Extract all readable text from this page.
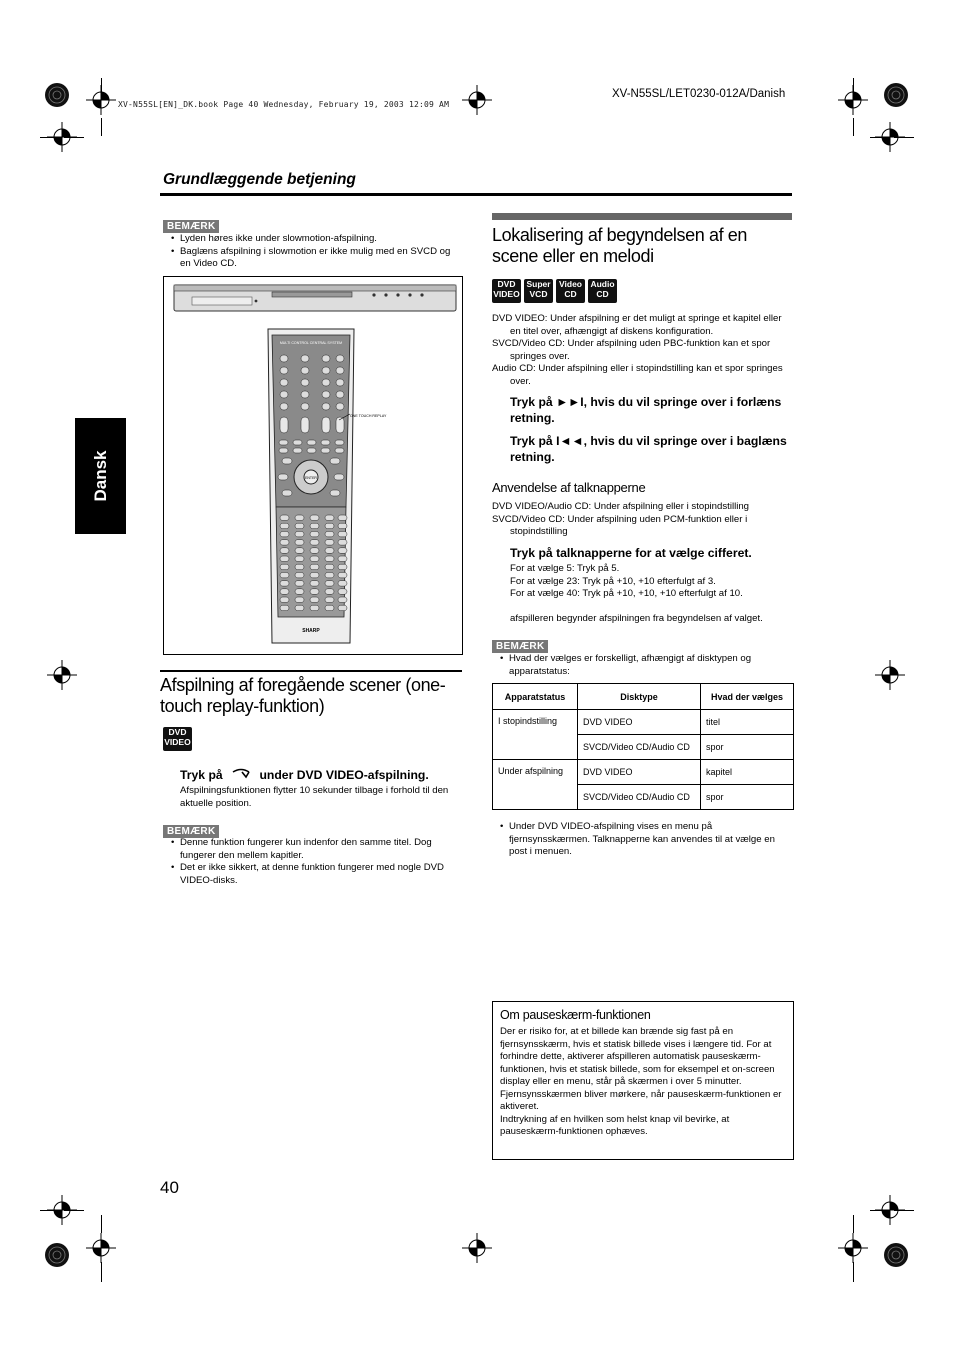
XV-N55SL[EN]_DK.book Page 40 Wednesday, February 19, 2003 12:09 AM
XV-N55SL/LET0230-012A/Danish
Grundlæggende betjening
Dansk
BEMÆRK
• Lyden høres ikke under slowmotion-afspilning.
• Baglæns afspilning i slowmotion er ikke mulig med en SVCD og en Video CD.
MULTI CONTROL CENTRAL SYSTEM
ENTER
SHARP
ONE TOUCH REPLAY
Afspilning af foregående scener (one-touch replay-funktion)
DVD
VIDEO
Tryk på	under DVD VIDEO-afspilning.
Afspilningsfunktionen flytter 10 sekunder tilbage i forhold til den aktuelle position.
BEMÆRK
• Denne funktion fungerer kun indenfor den samme titel. Dog fungerer den mellem kapitler.
• Det er ikke sikkert, at denne funktion fungerer med nogle DVD VIDEO-disks.
Lokalisering af begyndelsen af en scene eller en melodi
DVD
VIDEO
Super
VCD
Video
CD
Audio
CD
DVD VIDEO: Under afspilning er det muligt at springe et kapitel eller en titel over, afhængigt af diskens konfiguration.
SVCD/Video CD: Under afspilning uden PBC-funktion kan et spor springes over.
Audio CD: Under afspilning eller i stopindstilling kan et spor springes over.
Tryk på ►►I, hvis du vil springe over i forlæns retning.
Tryk på I◄◄, hvis du vil springe over i baglæns retning.
Anvendelse af talknapperne
DVD VIDEO/Audio CD: Under afspilning eller i stopindstilling
SVCD/Video CD: Under afspilning uden PCM-funktion eller i stopindstilling
Tryk på talknapperne for at vælge cifferet.
For at vælge 5: Tryk på 5.
For at vælge 23: Tryk på +10, +10 efterfulgt af 3.
For at vælge 40: Tryk på +10, +10, +10 efterfulgt af 10.
afspilleren begynder afspilningen fra begyndelsen af valget.
BEMÆRK
• Hvad der vælges er forskelligt, afhængigt af disktypen og apparatstatus:
Apparatstatus	Disktype	Hvad der vælges
I stopindstilling	DVD VIDEO	titel
	SVCD/Video CD/Audio CD	spor
Under afspilning	DVD VIDEO	kapitel
	SVCD/Video CD/Audio CD	spor
• Under DVD VIDEO-afspilning vises en menu på fjernsynsskærmen. Talknapperne kan anvendes til at vælge en post i menuen.
Om pauseskærm-funktionen
Der er risiko for, at et billede kan brænde sig fast på en fjernsynsskærm, hvis et statisk billede vises i længere tid. For at forhindre dette, aktiverer afspilleren automatisk pauseskærm-funktionen, hvis et statisk billede, som for eksempel et on-screen display eller en menu, står på skærmen i over 5 minutter.
Fjernsynsskærmen bliver mørkere, når pauseskærm-funktionen er aktiveret.
Indtrykning af en hvilken som helst knap vil bevirke, at pauseskærm-funktionen ophæves.
40
